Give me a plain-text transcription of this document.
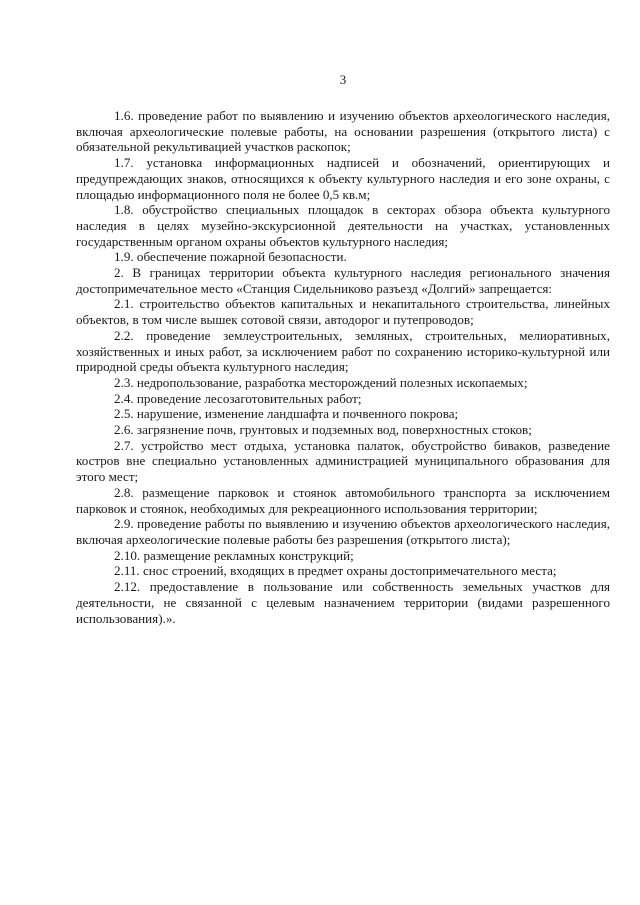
3

1.6. проведение работ по выявлению и изучению объектов археологического наследия, включая археологические полевые работы, на основании разрешения (открытого листа) с обязательной рекультивацией участков раскопок;

1.7. установка информационных надписей и обозначений, ориентирующих и предупреждающих знаков, относящихся к объекту культурного наследия и его зоне охраны, с площадью информационного поля не более 0,5 кв.м;

1.8. обустройство специальных площадок в секторах обзора объекта культурного наследия в целях музейно-экскурсионной деятельности на участках, установленных государственным органом охраны объектов культурного наследия;

1.9. обеспечение пожарной безопасности.

2. В границах территории объекта культурного наследия регионального значения достопримечательное место «Станция Сидельниково разъезд «Долгий» запрещается:

2.1. строительство объектов капитальных и некапитального строительства, линейных объектов, в том числе вышек сотовой связи, автодорог и путепроводов;

2.2. проведение землеустроительных, земляных, строительных, мелиоративных, хозяйственных и иных работ, за исключением работ по сохранению историко-культурной или природной среды объекта культурного наследия;

2.3. недропользование, разработка месторождений полезных ископаемых;

2.4. проведение лесозаготовительных работ;

2.5. нарушение, изменение ландшафта и почвенного покрова;

2.6. загрязнение почв, грунтовых и подземных вод, поверхностных стоков;

2.7. устройство мест отдыха, установка палаток, обустройство биваков, разведение костров вне специально установленных администрацией муниципального образования для этого мест;

2.8. размещение парковок и стоянок автомобильного транспорта за исключением парковок и стоянок, необходимых для рекреационного использования территории;

2.9. проведение работы по выявлению и изучению объектов археологического наследия, включая археологические полевые работы без разрешения (открытого листа);

2.10. размещение рекламных конструкций;

2.11. снос строений, входящих в предмет охраны достопримечательного места;

2.12. предоставление в пользование или собственность земельных участков для деятельности, не связанной с целевым назначением территории (видами разрешенного использования).».
